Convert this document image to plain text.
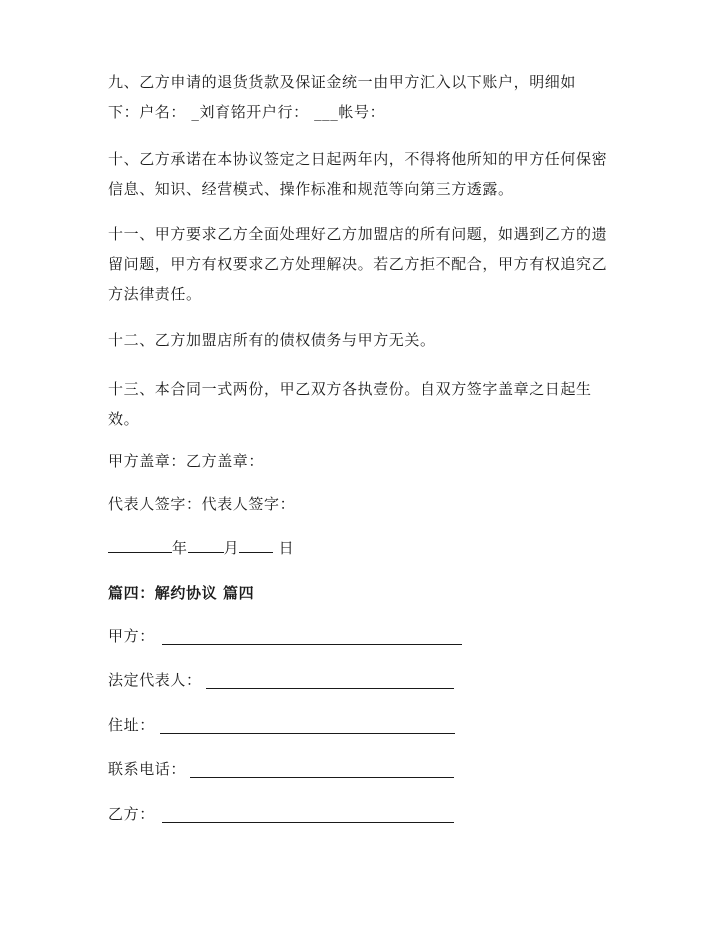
九、乙方申请的退货货款及保证金统一由甲方汇入以下账户，明细如
下：户名： _刘育铭开户行： ___帐号：

十、乙方承诺在本协议签定之日起两年内，不得将他所知的甲方任何保密信息、知识、经营模式、操作标准和规范等向第三方透露。

十一、甲方要求乙方全面处理好乙方加盟店的所有问题，如遇到乙方的遗留问题，甲方有权要求乙方处理解决。若乙方拒不配合，甲方有权追究乙方法律责任。

十二、乙方加盟店所有的债权债务与甲方无关。

十三、本合同一式两份，甲乙双方各执壹份。自双方签字盖章之日起生效。

甲方盖章：乙方盖章：
代表人签字：代表人签字：
年 月	日
篇四：解约协议 篇四
甲方：
法定代表人：
住址：
联系电话：
乙方：
